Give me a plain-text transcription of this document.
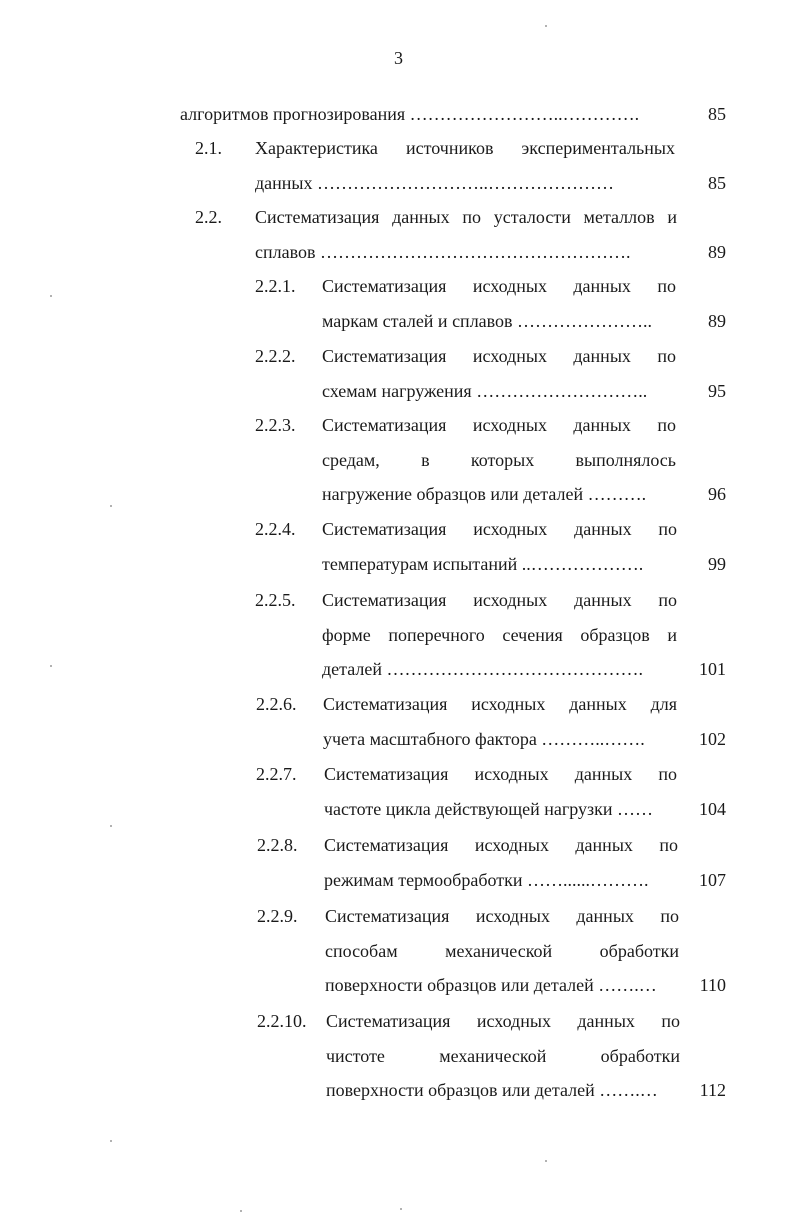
3
алгоритмов прогнозирования ……………………..………….	85
2.1. Характеристика источников экспериментальных
данных ………………………..…………………	85
2.2. Систематизация данных по усталости металлов и
сплавов …………………………………………….	89
2.2.1. Систематизация исходных данных по
маркам сталей и сплавов …………………..	89
2.2.2. Систематизация исходных данных по
схемам нагружения ………………………..	95
2.2.3. Систематизация исходных данных по
средам, в которых выполнялось
нагружение образцов или деталей ……….	96
2.2.4. Систематизация исходных данных по
температурам испытаний ..……………….	99
2.2.5. Систематизация исходных данных по
форме поперечного сечения образцов и
деталей …………………………………….	101
2.2.6. Систематизация исходных данных для
учета масштабного фактора ………..…….	102
2.2.7. Систематизация исходных данных по
частоте цикла действующей нагрузки ……	104
2.2.8. Систематизация исходных данных по
режимам термообработки ……......……….	107
2.2.9. Систематизация исходных данных по
способам механической обработки
поверхности образцов или деталей …….…	110
2.2.10. Систематизация исходных данных по
чистоте механической обработки
поверхности образцов или деталей …….…	112
